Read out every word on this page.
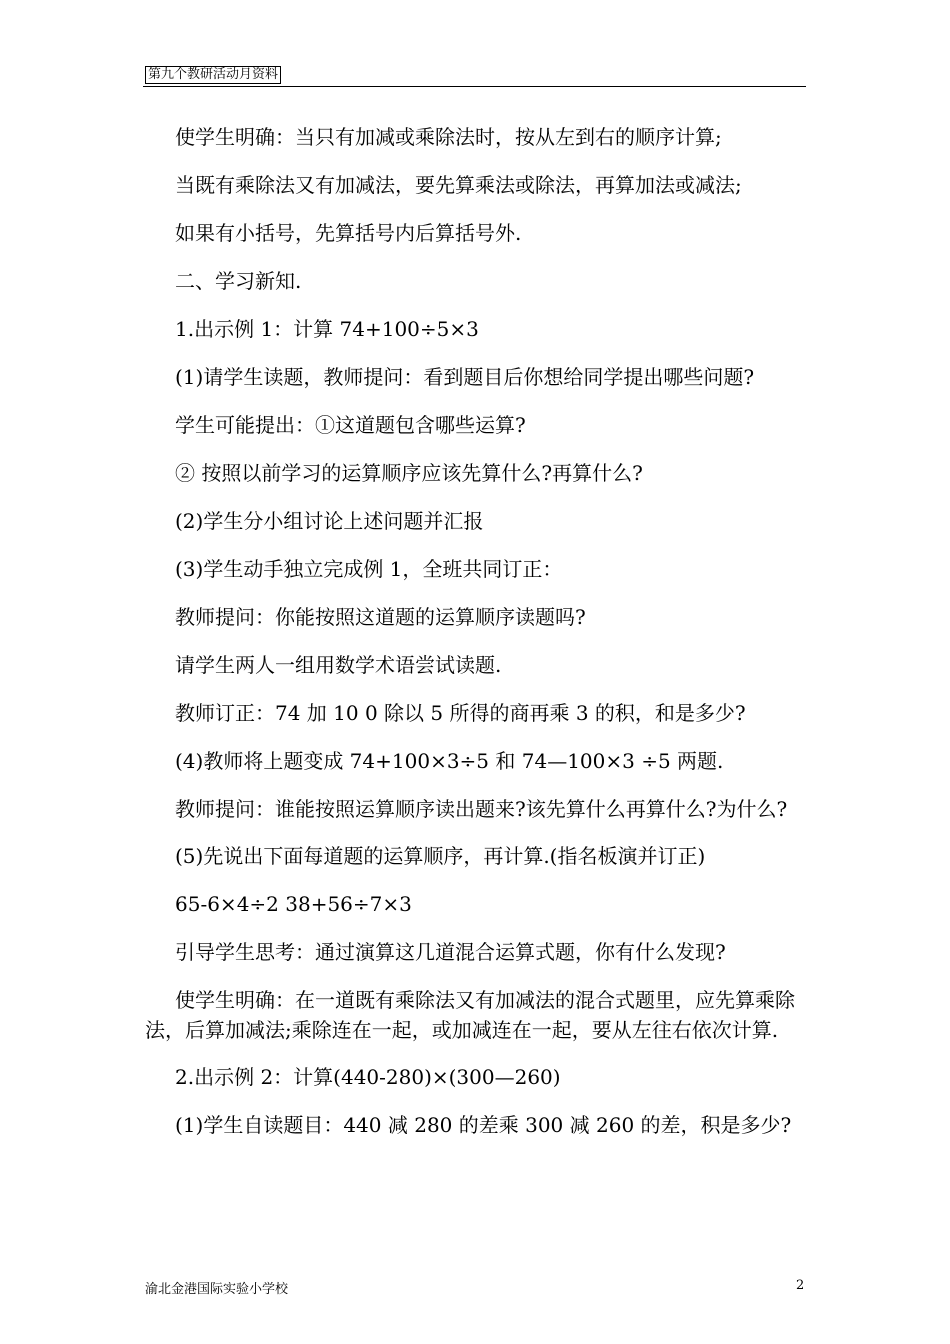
第九个教研活动月资料

使学生明确：当只有加减或乘除法时，按从左到右的顺序计算;

当既有乘除法又有加减法，要先算乘法或除法，再算加法或减法;

如果有小括号，先算括号内后算括号外.

二、学习新知.

1.出示例 1：计算 74+100÷5×3

(1)请学生读题，教师提问：看到题目后你想给同学提出哪些问题?

学生可能提出：①这道题包含哪些运算?

② 按照以前学习的运算顺序应该先算什么?再算什么?

(2)学生分小组讨论上述问题并汇报

(3)学生动手独立完成例 1，全班共同订正：

教师提问：你能按照这道题的运算顺序读题吗?

请学生两人一组用数学术语尝试读题.

教师订正：74 加 10 0 除以 5 所得的商再乘 3 的积，和是多少?

(4)教师将上题变成 74+100×3÷5 和 74—100×3 ÷5 两题.

教师提问：谁能按照运算顺序读出题来?该先算什么再算什么?为什么?

(5)先说出下面每道题的运算顺序，再计算.(指名板演并订正)

65-6×4÷2 38+56÷7×3

引导学生思考：通过演算这几道混合运算式题，你有什么发现?

使学生明确：在一道既有乘除法又有加减法的混合式题里，应先算乘除法，后算加减法;乘除连在一起，或加减连在一起，要从左往右依次计算.

2.出示例 2：计算(440-280)×(300—260)

(1)学生自读题目：440 减 280 的差乘 300 减 260 的差，积是多少?

渝北金港国际实验小学校	2
